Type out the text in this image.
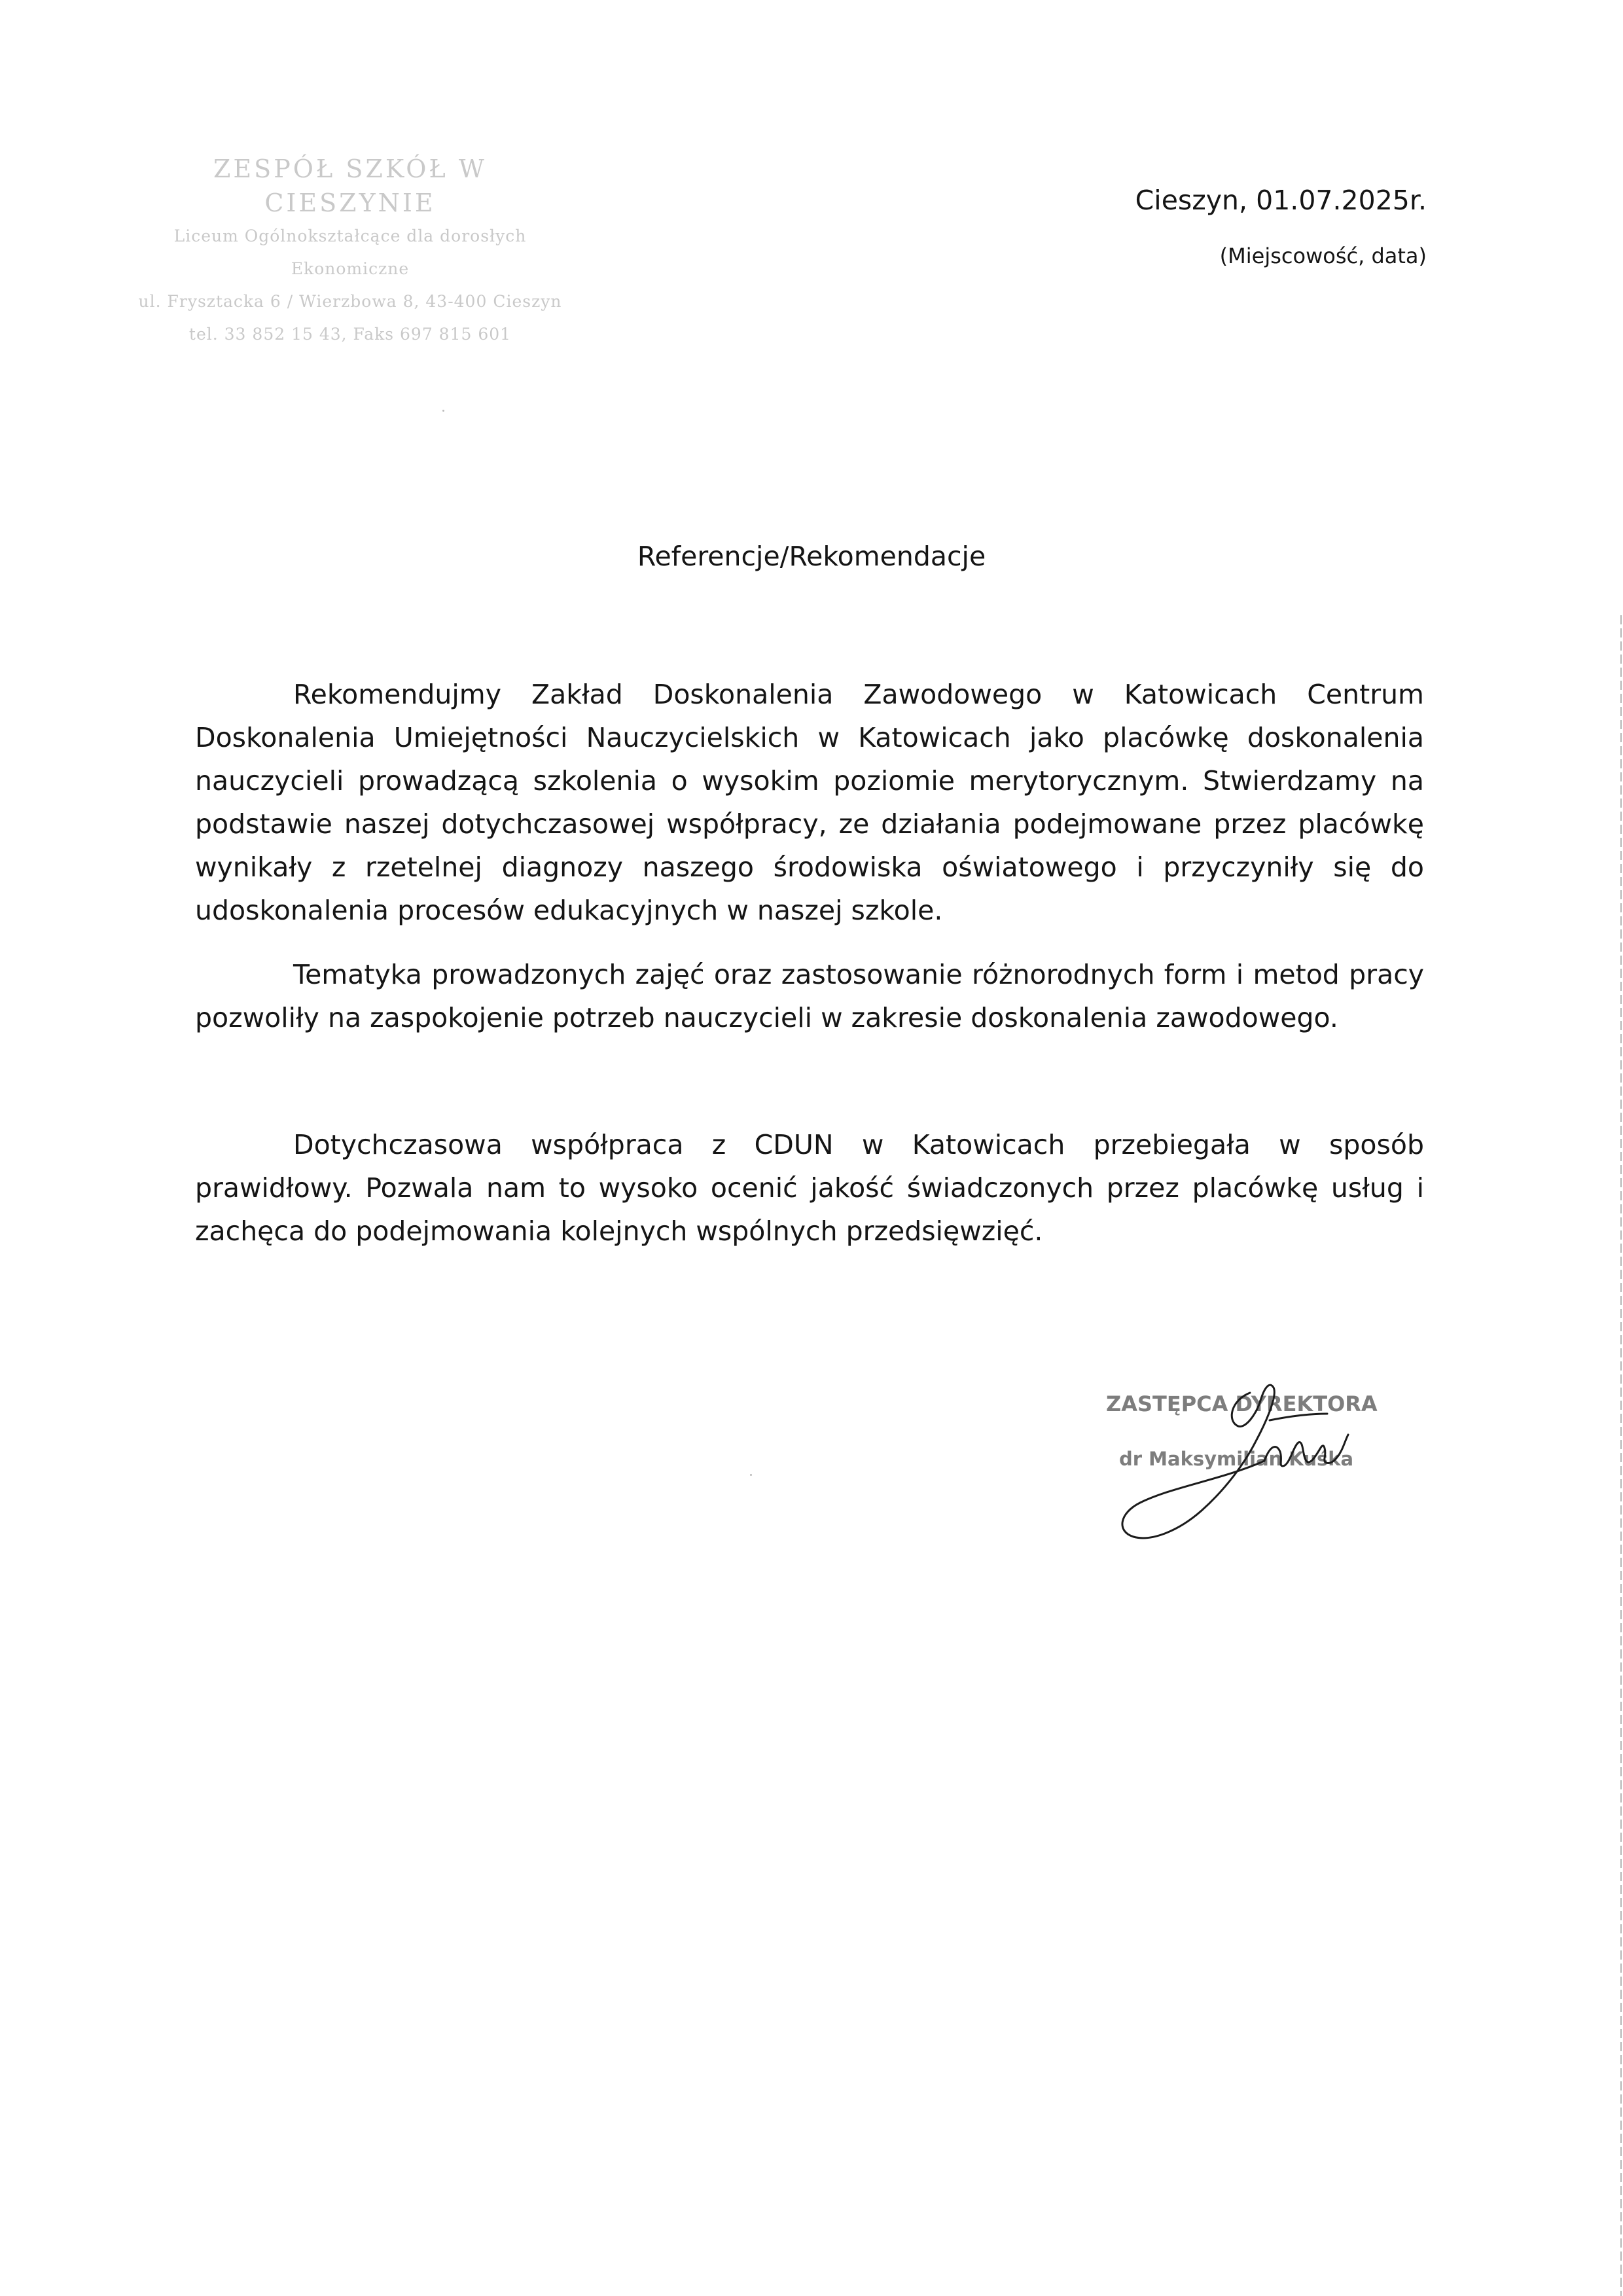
ZESPÓŁ SZKÓŁ W CIESZYNIE
Liceum Ogólnokształcące dla dorosłych Ekonomiczne
ul. Frysztacka 6 / Wierzbowa 8, 43-400 Cieszyn
tel. 33 852 15 43, Faks 697 815 601
Cieszyn, 01.07.2025r.
(Miejscowość, data)
Referencje/Rekomendacje

Rekomendujmy Zakład Doskonalenia Zawodowego w Katowicach Centrum Doskonalenia Umiejętności Nauczycielskich w Katowicach jako placówkę doskonalenia nauczycieli prowadzącą szkolenia o wysokim poziomie merytorycznym. Stwierdzamy na podstawie naszej dotychczasowej współpracy, ze działania podejmowane przez placówkę wynikały z rzetelnej diagnozy naszego środowiska oświatowego i przyczyniły się do udoskonalenia procesów edukacyjnych w naszej szkole.

Tematyka prowadzonych zajęć oraz zastosowanie różnorodnych form i metod pracy pozwoliły na zaspokojenie potrzeb nauczycieli w zakresie doskonalenia zawodowego.

Dotychczasowa współpraca z CDUN w Katowicach przebiegała w sposób prawidłowy. Pozwala nam to wysoko ocenić jakość świadczonych przez placówkę usług i zachęca do podejmowania kolejnych wspólnych przedsięwzięć.

ZASTĘPCA DYREKTORA
dr Maksymilian Kuśka
